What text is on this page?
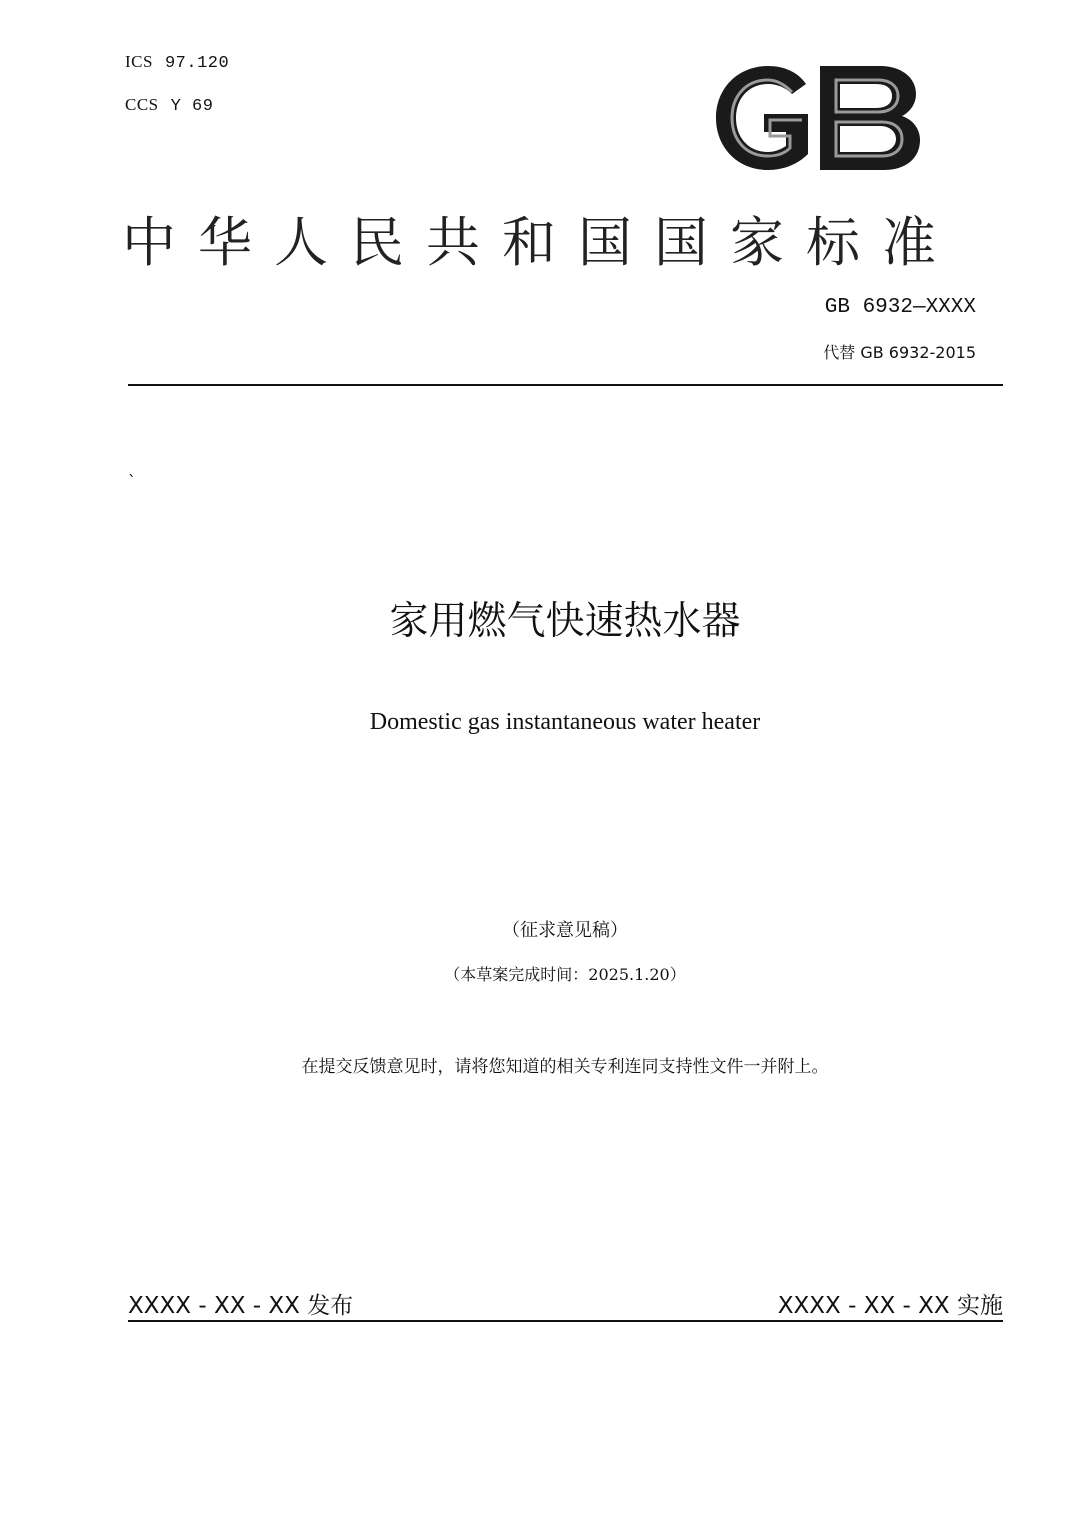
ICS 97.120
CCS Y 69
中华人民共和国国家标准
GB 6932—XXXX
代替 GB 6932-2015
`
家用燃气快速热水器
Domestic gas instantaneous water heater
（征求意见稿）
（本草案完成时间：2025.1.20）
在提交反馈意见时，请将您知道的相关专利连同支持性文件一并附上。
XXXX - XX - XX 发布	XXXX - XX - XX 实施
